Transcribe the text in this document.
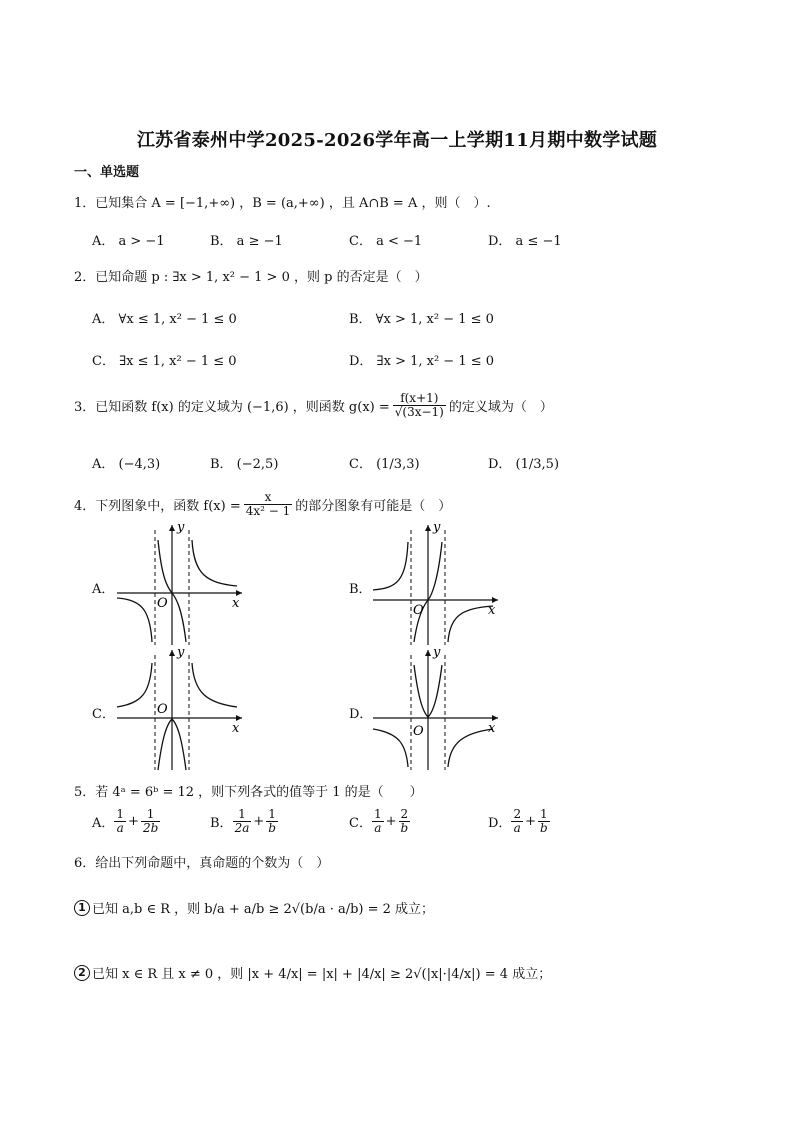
江苏省泰州中学2025-2026学年高一上学期11月期中数学试题
一、单选题
1．已知集合 A = [−1,+∞) ，B = (a,+∞) ，且 A∩B = A ，则（　）.
A． a > −1	B． a ≥ −1	C． a < −1	D． a ≤ −1
2．已知命题 p : ∃x > 1, x² − 1 > 0 ，则 p 的否定是（　）
A． ∀x ≤ 1, x² − 1 ≤ 0	B． ∀x > 1, x² − 1 ≤ 0
C． ∃x ≤ 1, x² − 1 ≤ 0	D． ∃x > 1, x² − 1 ≤ 0
3．已知函数 f(x) 的定义域为 (−1,6) ，则函数 $g(x) = \frac{f(x+1)}{√(3x-1)}$ 的定义域为（　）
A． (−4,3)	B． (−2,5)	C． (1/3,3)	D． (1/3,5)
4．下列图象中，函数 $f(x) = \frac{x}{\text{4x² − 1}}$ 的部分图象有可能是（　）
A．	B．
C．	D．
y
x
O
y
x
O
y
x
O
y
x
O
5．若 4ᵃ = 6ᵇ = 12 ，则下列各式的值等于 1 的是（　　）
A． $\frac{1}{a} + \frac{1}{2b}$	B． $\frac{1}{2a} + \frac{1}{b}$	C． $\frac{1}{a} + \frac{2}{b}$	D． $\frac{2}{a} + \frac{1}{b}$
6．给出下列命题中，真命题的个数为（　）
1 已知 a,b ∈ R ，则 b/a + a/b ≥ 2√(b/a · a/b) = 2 成立；
2 已知 x ∈ R 且 x ≠ 0 ，则 |x + 4/x| = |x| + |4/x| ≥ 2√(|x|·|4/x|) = 4 成立；
